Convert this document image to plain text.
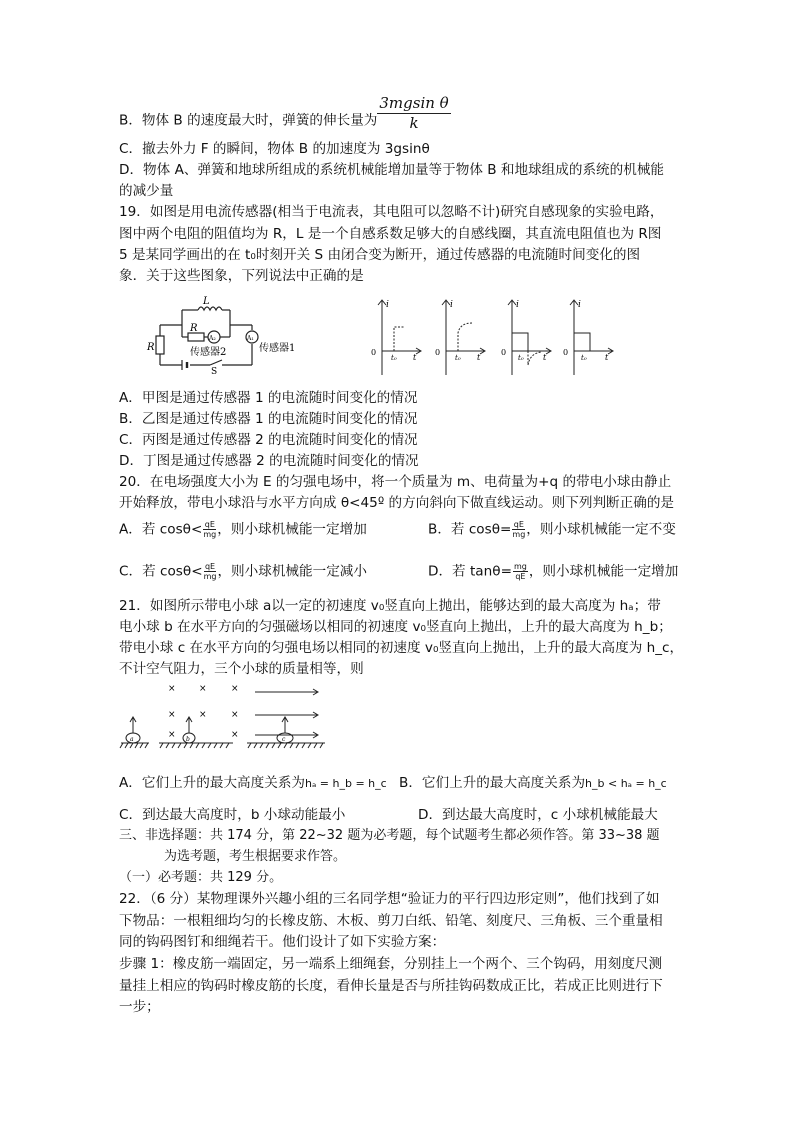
B．物体 B 的速度最大时，弹簧的伸长量为 $\frac{\text{3mgsin θ}}{k}$
C．撤去外力 F 的瞬间，物体 B 的加速度为 3gsinθ
D．物体 A、弹簧和地球所组成的系统机械能增加量等于物体 B 和地球组成的系统的机械能
的减少量
19．如图是用电流传感器(相当于电流表，其电阻可以忽略不计)研究自感现象的实验电路，
图中两个电阻的阻值均为 R，L 是一个自感系数足够大的自感线圈，其直流电阻值也为 R图
5 是某同学画出的在 t₀时刻开关 S 由闭合变为断开，通过传感器的电流随时间变化的图
象．关于这些图象，下列说法中正确的是
L
R
R
A₂	A₁
传感器2	传感器1
S
i
0
t₀ t
i
0
t₀ t
i
0
t₀ t
i
0
t₀ t
A．甲图是通过传感器 1 的电流随时间变化的情况
B．乙图是通过传感器 1 的电流随时间变化的情况
C．丙图是通过传感器 2 的电流随时间变化的情况
D．丁图是通过传感器 2 的电流随时间变化的情况
20．在电场强度大小为 E 的匀强电场中，将一个质量为 m、电荷量为+q 的带电小球由静止
开始释放，带电小球沿与水平方向成 θ<45º 的方向斜向下做直线运动。则下列判断正确的是
A．若 $\cos\theta< \frac{qE}{mg}$ ，则小球机械能一定增加	B．若 $\cos\theta= \frac{qE}{mg}$ ，则小球机械能一定不变
C．若 $\cos\theta< \frac{qE}{mg}$ ，则小球机械能一定减小	D．若 $\tan\theta= \frac{mg}{qE}$ ，则小球机械能一定增加
21．如图所示带电小球 a以一定的初速度 v₀竖直向上抛出，能够达到的最大高度为 hₐ；带
电小球 b 在水平方向的匀强磁场以相同的初速度 v₀竖直向上抛出，上升的最大高度为 h_b；
带电小球 c 在水平方向的匀强电场以相同的初速度 v₀竖直向上抛出，上升的最大高度为 h_c，
不计空气阻力，三个小球的质量相等，则
a	b	c
×	×	×
×	×	×
×	×
A．它们上升的最大高度关系为hₐ = h_b = h_c B．它们上升的最大高度关系为h_b < hₐ = h_c
C．到达最大高度时，b 小球动能最小	D．到达最大高度时，c 小球机械能最大
三、非选择题：共 174 分，第 22~32 题为必考题，每个试题考生都必须作答。第 33~38 题
为选考题，考生根据要求作答。
（一）必考题：共 129 分。
22．（6 分）某物理课外兴趣小组的三名同学想“验证力的平行四边形定则”，他们找到了如
下物品：一根粗细均匀的长橡皮筋、木板、剪刀白纸、铅笔、刻度尺、三角板、三个重量相
同的钩码图钉和细绳若干。他们设计了如下实验方案：
步骤 1：橡皮筋一端固定，另一端系上细绳套，分别挂上一个两个、三个钩码，用刻度尺测
量挂上相应的钩码时橡皮筋的长度，看伸长量是否与所挂钩码数成正比，若成正比则进行下
一步；
